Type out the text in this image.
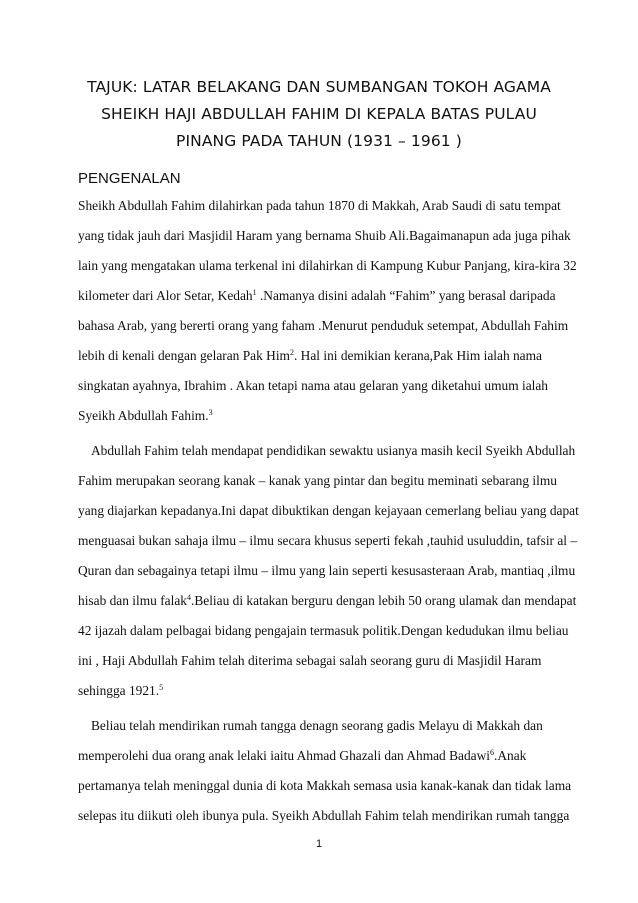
TAJUK: LATAR BELAKANG DAN SUMBANGAN TOKOH AGAMA
SHEIKH HAJI ABDULLAH FAHIM DI KEPALA BATAS PULAU
PINANG PADA TAHUN (1931 – 1961 )
PENGENALAN
Sheikh Abdullah Fahim dilahirkan pada tahun 1870 di Makkah, Arab Saudi di satu tempat
yang tidak jauh dari Masjidil Haram yang bernama Shuib Ali.Bagaimanapun ada juga pihak
lain yang mengatakan ulama terkenal ini dilahirkan di Kampung Kubur Panjang, kira-kira 32
kilometer dari Alor Setar, Kedah$^1$ .Namanya disini adalah “Fahim” yang berasal daripada
bahasa Arab, yang bererti orang yang faham .Menurut penduduk setempat, Abdullah Fahim
lebih di kenali dengan gelaran Pak Him$^2$. Hal ini demikian kerana,Pak Him ialah nama
singkatan ayahnya, Ibrahim . Akan tetapi nama atau gelaran yang diketahui umum ialah
Syeikh Abdullah Fahim.$^3$
Abdullah Fahim telah mendapat pendidikan sewaktu usianya masih kecil Syeikh Abdullah
Fahim merupakan seorang kanak – kanak yang pintar dan begitu meminati sebarang ilmu
yang diajarkan kepadanya.Ini dapat dibuktikan dengan kejayaan cemerlang beliau yang dapat
menguasai bukan sahaja ilmu – ilmu secara khusus seperti fekah ,tauhid usuluddin, tafsir al –
Quran dan sebagainya tetapi ilmu – ilmu yang lain seperti kesusasteraan Arab, mantiaq ,ilmu
hisab dan ilmu falak$^4$.Beliau di katakan berguru dengan lebih 50 orang ulamak dan mendapat
42 ijazah dalam pelbagai bidang pengajain termasuk politik.Dengan kedudukan ilmu beliau
ini , Haji Abdullah Fahim telah diterima sebagai salah seorang guru di Masjidil Haram
sehingga 1921.$^5$
Beliau telah mendirikan rumah tangga denagn seorang gadis Melayu di Makkah dan
memperolehi dua orang anak lelaki iaitu Ahmad Ghazali dan Ahmad Badawi$^6$.Anak
pertamanya telah meninggal dunia di kota Makkah semasa usia kanak-kanak dan tidak lama
selepas itu diikuti oleh ibunya pula. Syeikh Abdullah Fahim telah mendirikan rumah tangga
1
